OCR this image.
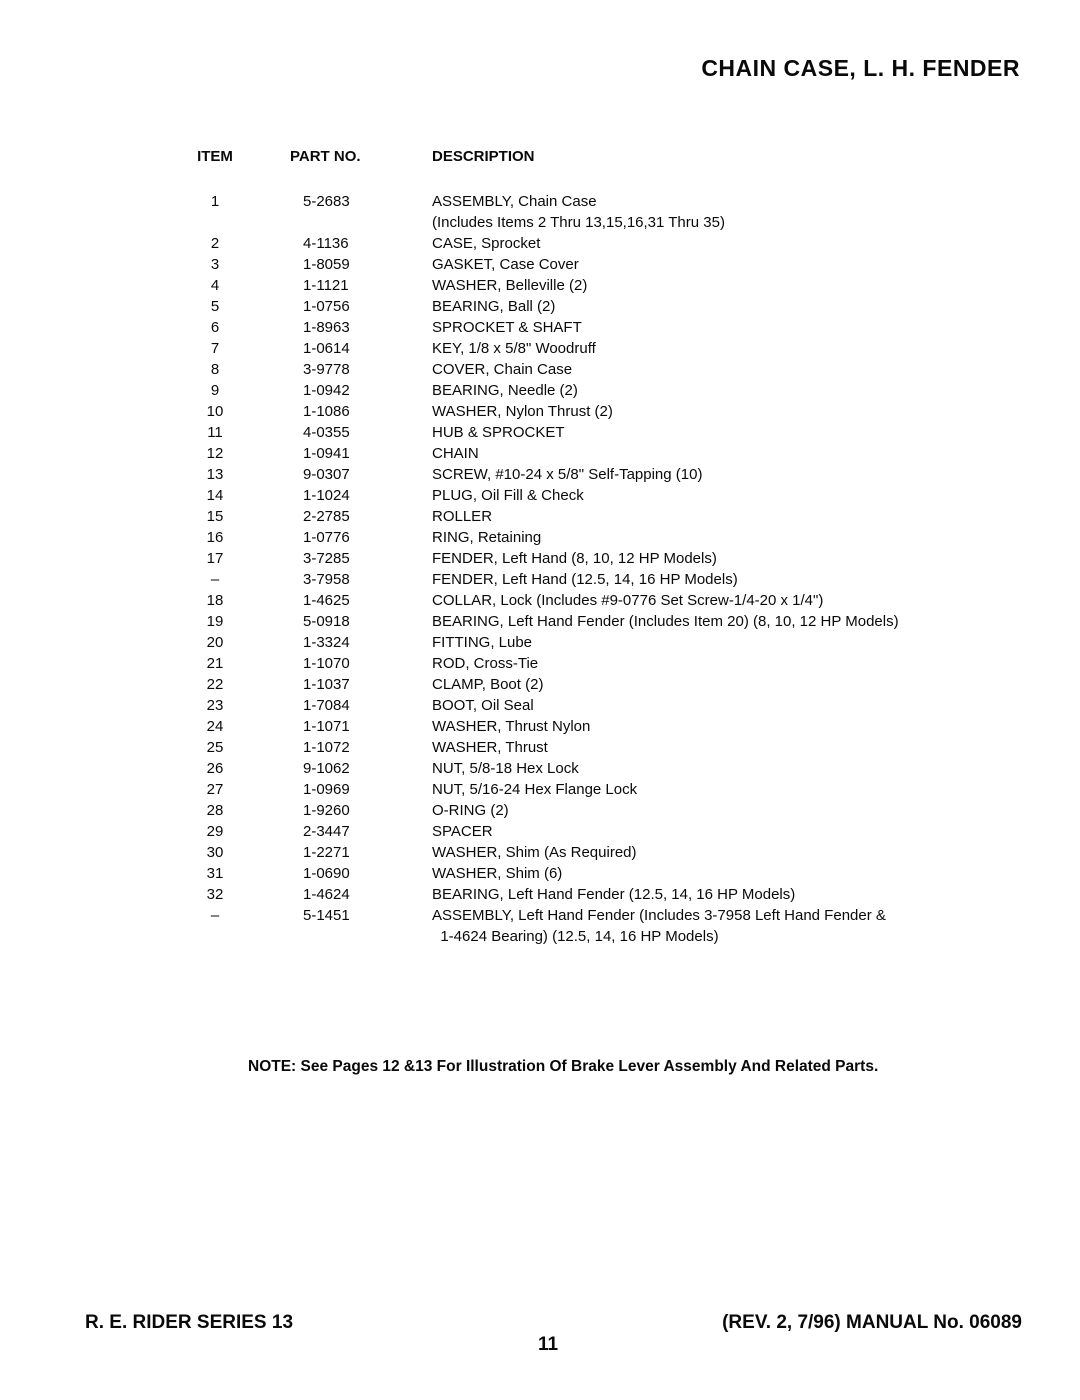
CHAIN CASE, L. H. FENDER
ITEM	PART NO.	DESCRIPTION
1	5-2683	ASSEMBLY, Chain Case
(Includes Items 2 Thru 13,15,16,31 Thru 35)
2	4-1136	CASE, Sprocket
3	1-8059	GASKET, Case Cover
4	1-1121	WASHER, Belleville (2)
5	1-0756	BEARING, Ball (2)
6	1-8963	SPROCKET & SHAFT
7	1-0614	KEY, 1/8 x 5/8" Woodruff
8	3-9778	COVER, Chain Case
9	1-0942	BEARING, Needle (2)
10	1-1086	WASHER, Nylon Thrust (2)
11	4-0355	HUB & SPROCKET
12	1-0941	CHAIN
13	9-0307	SCREW, #10-24 x 5/8" Self-Tapping (10)
14	1-1024	PLUG, Oil Fill & Check
15	2-2785	ROLLER
16	1-0776	RING, Retaining
17	3-7285	FENDER, Left Hand (8, 10, 12 HP Models)
–	3-7958	FENDER, Left Hand (12.5, 14, 16 HP Models)
18	1-4625	COLLAR, Lock (Includes #9-0776 Set Screw-1/4-20 x 1/4")
19	5-0918	BEARING, Left Hand Fender (Includes Item 20) (8, 10, 12 HP Models)
20	1-3324	FITTING, Lube
21	1-1070	ROD, Cross-Tie
22	1-1037	CLAMP, Boot (2)
23	1-7084	BOOT, Oil Seal
24	1-1071	WASHER, Thrust Nylon
25	1-1072	WASHER, Thrust
26	9-1062	NUT, 5/8-18 Hex Lock
27	1-0969	NUT, 5/16-24 Hex Flange Lock
28	1-9260	O-RING (2)
29	2-3447	SPACER
30	1-2271	WASHER, Shim (As Required)
31	1-0690	WASHER, Shim (6)
32	1-4624	BEARING, Left Hand Fender (12.5, 14, 16 HP Models)
–	5-1451	ASSEMBLY, Left Hand Fender (Includes 3-7958 Left Hand Fender &
1-4624 Bearing) (12.5, 14, 16 HP Models)

NOTE: See Pages 12 &13 For Illustration Of Brake Lever Assembly And Related Parts.

R. E. RIDER SERIES 13	(REV. 2, 7/96) MANUAL No. 06089
11
